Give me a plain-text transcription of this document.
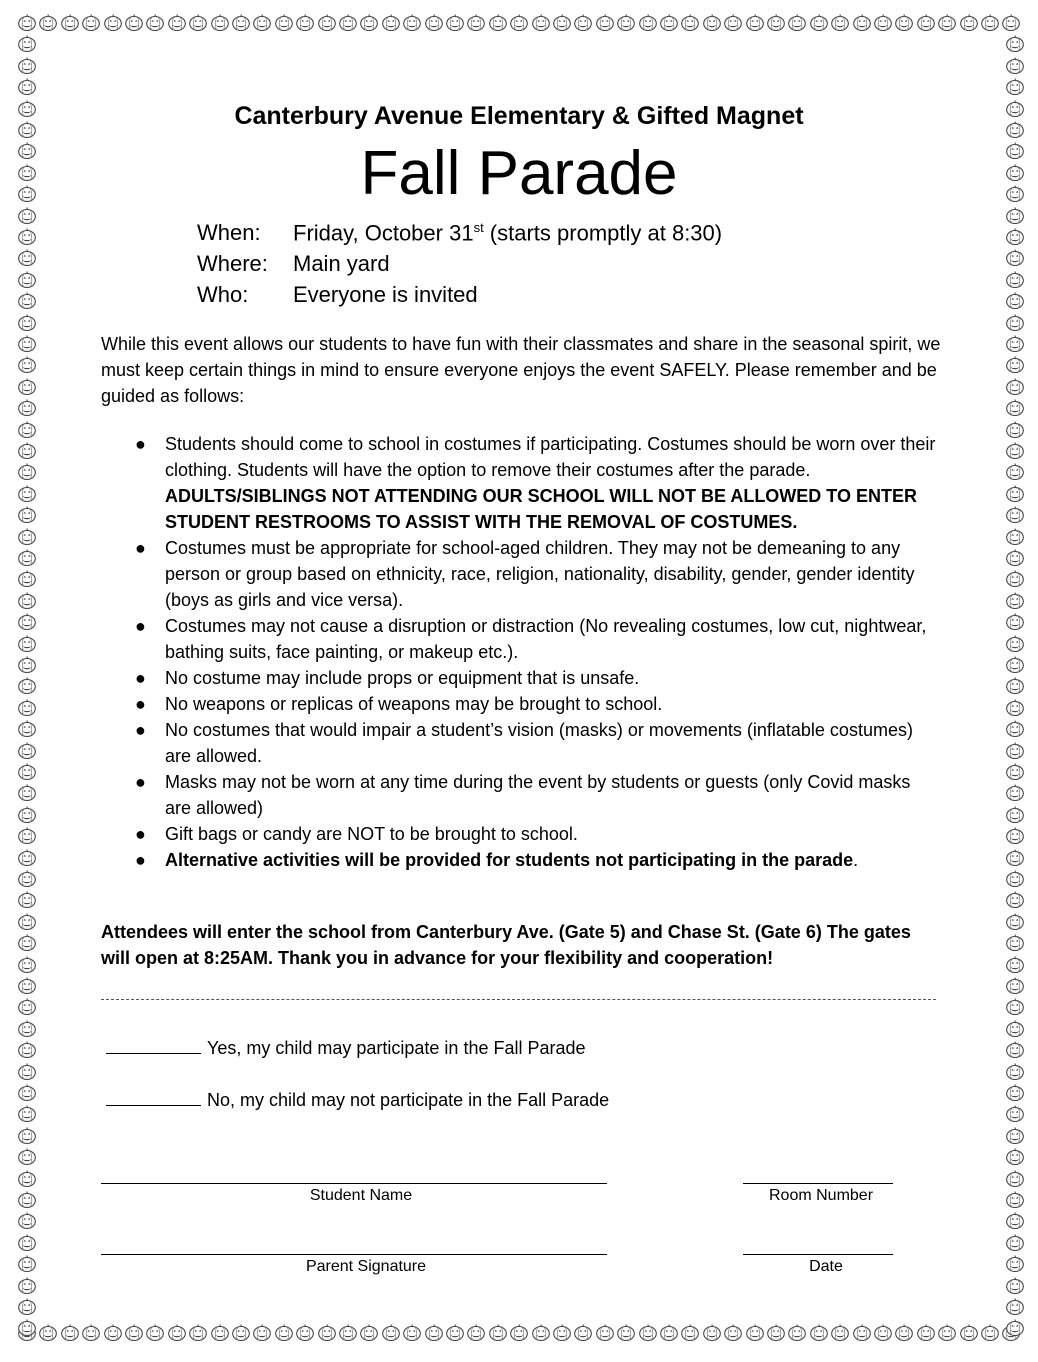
Canterbury Avenue Elementary & Gifted Magnet
Fall Parade
When: Friday, October 31st (starts promptly at 8:30)
Where: Main yard
Who: Everyone is invited
While this event allows our students to have fun with their classmates and share in the seasonal spirit, we must keep certain things in mind to ensure everyone enjoys the event SAFELY. Please remember and be guided as follows:
● Students should come to school in costumes if participating. Costumes should be worn over their clothing. Students will have the option to remove their costumes after the parade. ADULTS/SIBLINGS NOT ATTENDING OUR SCHOOL WILL NOT BE ALLOWED TO ENTER STUDENT RESTROOMS TO ASSIST WITH THE REMOVAL OF COSTUMES.
● Costumes must be appropriate for school-aged children. They may not be demeaning to any person or group based on ethnicity, race, religion, nationality, disability, gender, gender identity (boys as girls and vice versa).
● Costumes may not cause a disruption or distraction (No revealing costumes, low cut, nightwear, bathing suits, face painting, or makeup etc.).
● No costume may include props or equipment that is unsafe.
● No weapons or replicas of weapons may be brought to school.
● No costumes that would impair a student’s vision (masks) or movements (inflatable costumes) are allowed.
● Masks may not be worn at any time during the event by students or guests (only Covid masks are allowed)
● Gift bags or candy are NOT to be brought to school.
● Alternative activities will be provided for students not participating in the parade.
Attendees will enter the school from Canterbury Ave. (Gate 5) and Chase St. (Gate 6) The gates will open at 8:25AM. Thank you in advance for your flexibility and cooperation!
Yes, my child may participate in the Fall Parade
No, my child may not participate in the Fall Parade
Student Name	Room Number
Parent Signature	Date
